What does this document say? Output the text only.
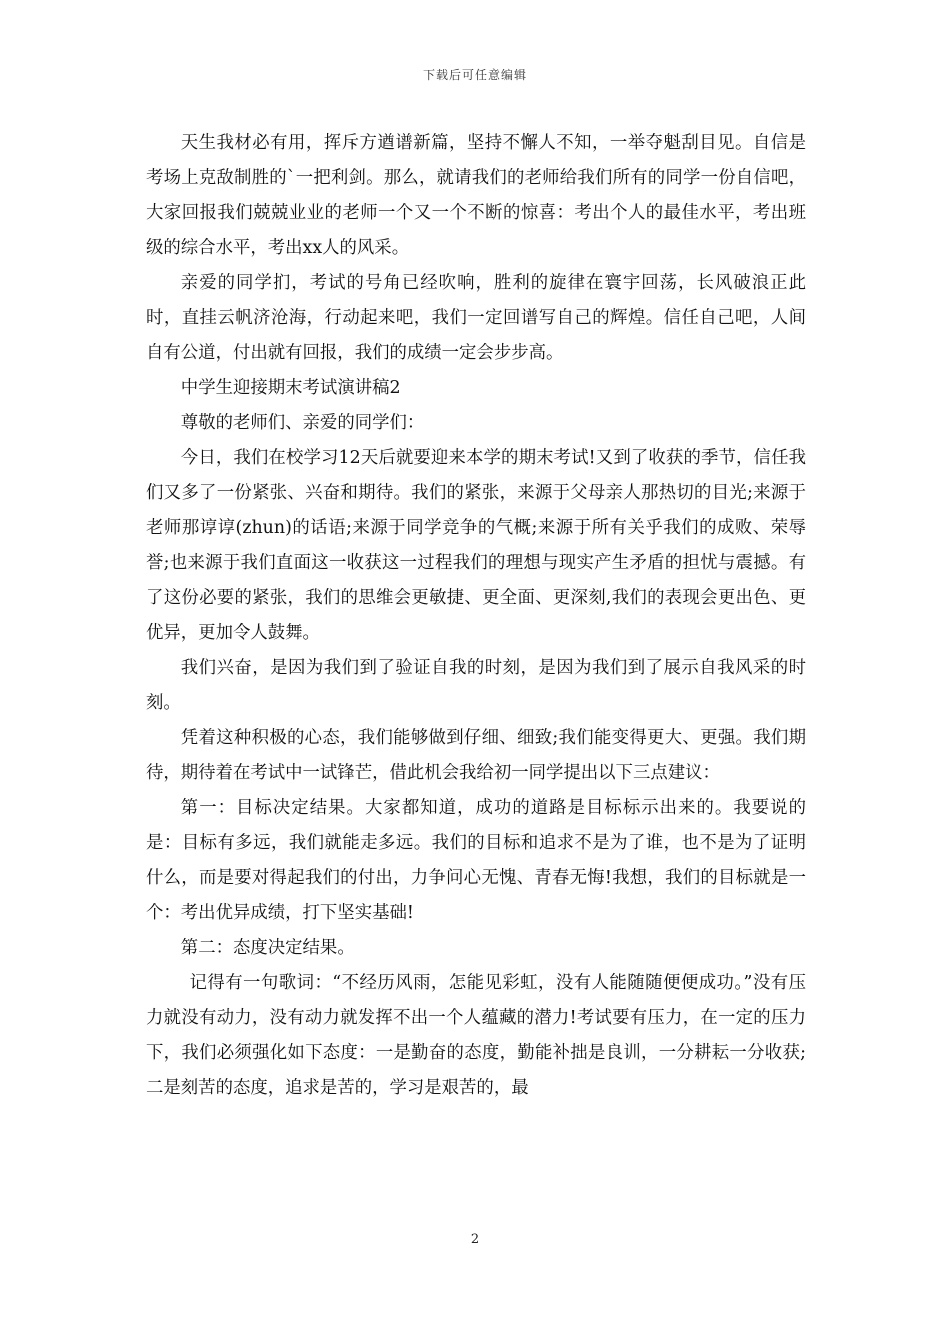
下载后可任意编辑

天生我材必有用，挥斥方遒谱新篇，坚持不懈人不知，一举夺魁刮目见。自信是考场上克敌制胜的`一把利剑。那么，就请我们的老师给我们所有的同学一份自信吧，大家回报我们兢兢业业的老师一个又一个不断的惊喜：考出个人的最佳水平，考出班级的综合水平，考出xx人的风采。

亲爱的同学扪，考试的号角已经吹响，胜利的旋律在寰宇回荡，长风破浪正此时，直挂云帆济沧海，行动起来吧，我们一定回谱写自己的辉煌。信任自己吧，人间自有公道，付出就有回报，我们的成绩一定会步步高。

中学生迎接期末考试演讲稿2

尊敬的老师们、亲爱的同学们：

今日，我们在校学习12天后就要迎来本学的期末考试!又到了收获的季节，信任我们又多了一份紧张、兴奋和期待。我们的紧张，来源于父母亲人那热切的目光;来源于老师那谆谆(zhun)的话语;来源于同学竞争的气概;来源于所有关乎我们的成败、荣辱誉;也来源于我们直面这一收获这一过程我们的理想与现实产生矛盾的担忧与震撼。有了这份必要的紧张，我们的思维会更敏捷、更全面、更深刻,我们的表现会更出色、更优异，更加令人鼓舞。

我们兴奋，是因为我们到了验证自我的时刻，是因为我们到了展示自我风采的时刻。

凭着这种积极的心态，我们能够做到仔细、细致;我们能变得更大、更强。我们期待，期待着在考试中一试锋芒，借此机会我给初一同学提出以下三点建议：

第一：目标决定结果。大家都知道，成功的道路是目标标示出来的。我要说的是：目标有多远，我们就能走多远。我们的目标和追求不是为了谁，也不是为了证明什么，而是要对得起我们的付出，力争问心无愧、青春无悔!我想，我们的目标就是一个：考出优异成绩，打下坚实基础!

第二：态度决定结果。

记得有一句歌词：“不经历风雨，怎能见彩虹，没有人能随随便便成功。”没有压力就没有动力，没有动力就发挥不出一个人蕴藏的潜力!考试要有压力，在一定的压力下，我们必须强化如下态度：一是勤奋的态度，勤能补拙是良训，一分耕耘一分收获;二是刻苦的态度，追求是苦的，学习是艰苦的，最

2
